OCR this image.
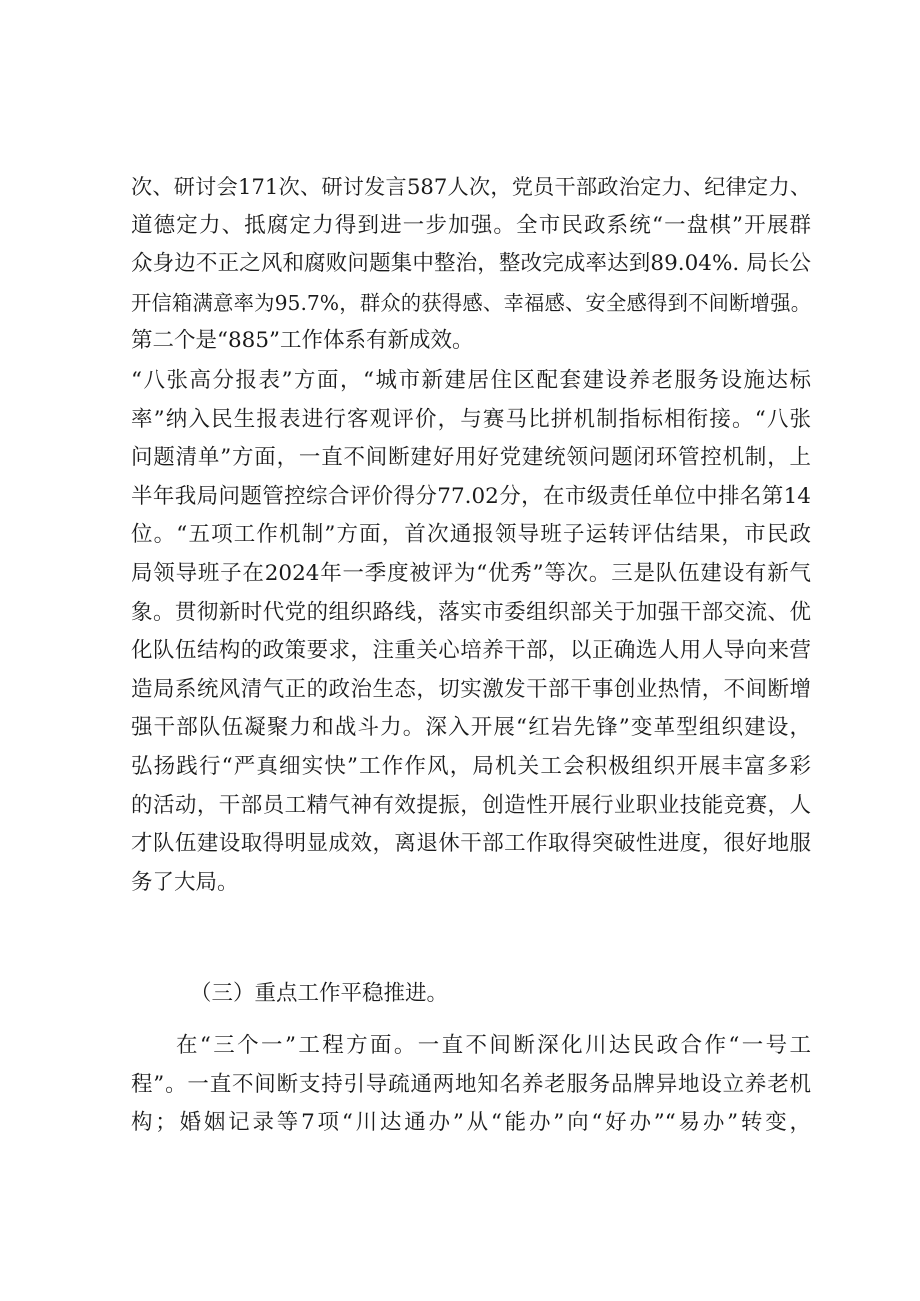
次、研讨会171次、研讨发言587人次，党员干部政治定力、纪律定力、
道德定力、抵腐定力得到进一步加强。全市民政系统“一盘棋”开展群
众身边不正之风和腐败问题集中整治，整改完成率达到89.04%. 局长公
开信箱满意率为95.7%，群众的获得感、幸福感、安全感得到不间断增强。
第二个是“885”工作体系有新成效。
“八张高分报表”方面，“城市新建居住区配套建设养老服务设施达标
率”纳入民生报表进行客观评价，与赛马比拼机制指标相衔接。“八张
问题清单”方面，一直不间断建好用好党建统领问题闭环管控机制，上
半年我局问题管控综合评价得分77.02分，在市级责任单位中排名第14
位。“五项工作机制”方面，首次通报领导班子运转评估结果，市民政
局领导班子在2024年一季度被评为“优秀”等次。三是队伍建设有新气
象。贯彻新时代党的组织路线，落实市委组织部关于加强干部交流、优
化队伍结构的政策要求，注重关心培养干部，以正确选人用人导向来营
造局系统风清气正的政治生态，切实激发干部干事创业热情，不间断增
强干部队伍凝聚力和战斗力。深入开展“红岩先锋”变革型组织建设，
弘扬践行“严真细实快”工作作风，局机关工会积极组织开展丰富多彩
的活动，干部员工精气神有效提振，创造性开展行业职业技能竞赛，人
才队伍建设取得明显成效，离退休干部工作取得突破性进度，很好地服
务了大局。
（三）重点工作平稳推进。
在“三个一”工程方面。一直不间断深化川达民政合作“一号工
程”。一直不间断支持引导疏通两地知名养老服务品牌异地设立养老机
构；婚姻记录等7项“川达通办”从“能办”向“好办”“易办”转变，
